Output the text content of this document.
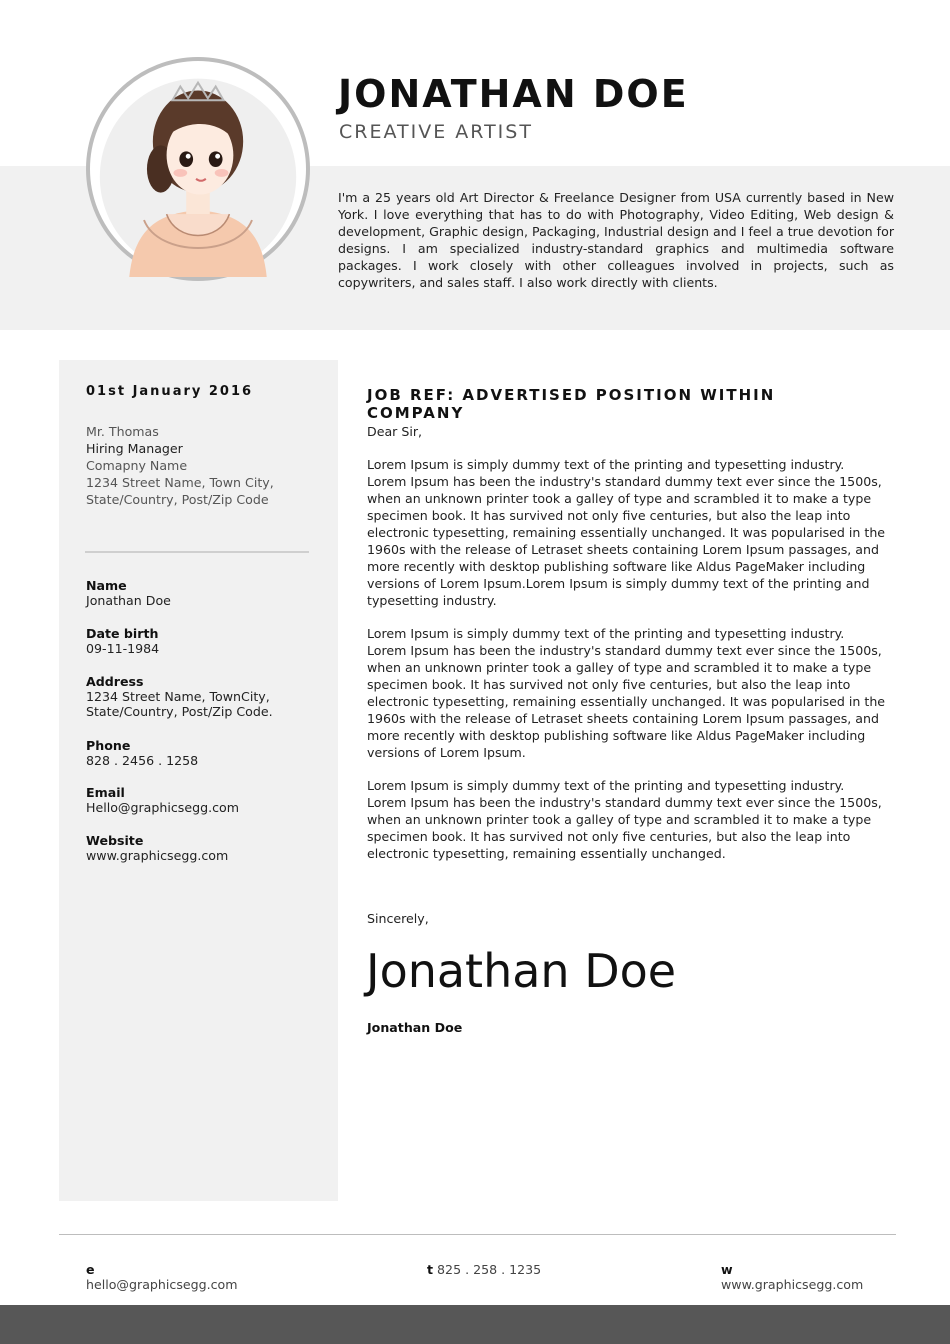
JONATHAN DOE
CREATIVE ARTIST
I'm a 25 years old Art Director & Freelance Designer from USA currently based in New York. I love everything that has to do with Photography, Video Editing, Web design & development, Graphic design, Packaging, Industrial design and I feel a true devotion for designs. I am specialized industry-standard graphics and multimedia software packages. I work closely with other colleagues involved in projects, such as copywriters, and sales staff. I also work directly with clients.
01st January 2016
Mr. Thomas
Hiring Manager
Comapny Name
1234 Street Name, Town City,
State/Country, Post/Zip Code
Name
Jonathan Doe
Date birth
09-11-1984
Address
1234 Street Name, TownCity,
State/Country, Post/Zip Code.
Phone
828 . 2456 . 1258
Email
Hello@graphicsegg.com
Website
www.graphicsegg.com
JOB REF: ADVERTISED POSITION WITHIN COMPANY

Dear Sir,

Lorem Ipsum is simply dummy text of the printing and typesetting industry. Lorem Ipsum has been the industry's standard dummy text ever since the 1500s, when an unknown printer took a galley of type and scrambled it to make a type specimen book. It has survived not only five centuries, but also the leap into electronic typesetting, remaining essentially unchanged. It was popularised in the 1960s with the release of Letraset sheets containing Lorem Ipsum passages, and more recently with desktop publishing software like Aldus PageMaker including versions of Lorem Ipsum.Lorem Ipsum is simply dummy text of the printing and typesetting industry.

Lorem Ipsum is simply dummy text of the printing and typesetting industry. Lorem Ipsum has been the industry's standard dummy text ever since the 1500s, when an unknown printer took a galley of type and scrambled it to make a type specimen book. It has survived not only five centuries, but also the leap into electronic typesetting, remaining essentially unchanged. It was popularised in the 1960s with the release of Letraset sheets containing Lorem Ipsum passages, and more recently with desktop publishing software like Aldus PageMaker including versions of Lorem Ipsum.

Lorem Ipsum is simply dummy text of the printing and typesetting industry. Lorem Ipsum has been the industry's standard dummy text ever since the 1500s, when an unknown printer took a galley of type and scrambled it to make a type specimen book. It has survived not only five centuries, but also the leap into electronic typesetting, remaining essentially unchanged.

Sincerely,
Jonathan Doe
Jonathan Doe
e
hello@graphicsegg.com
t 825 . 258 . 1235	w
www.graphicsegg.com
